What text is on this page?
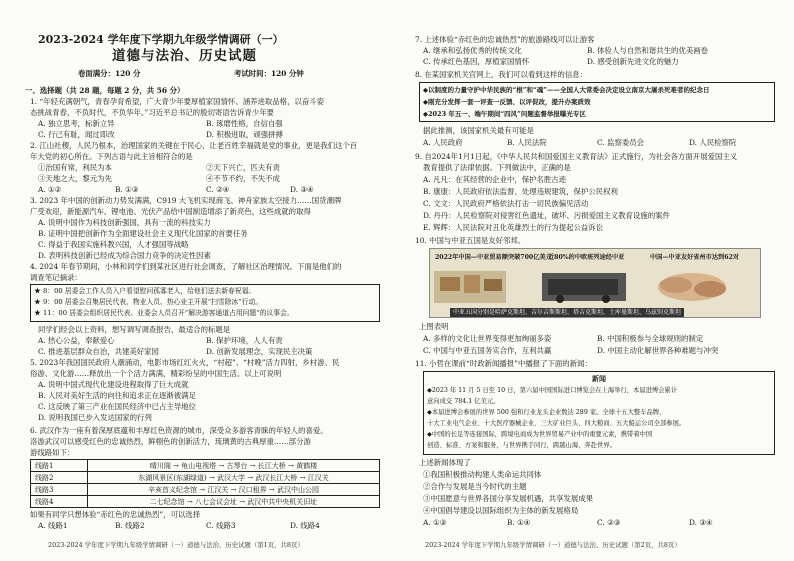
2023-2024 学年度下学期九年级学情调研（一）
道德与法治、历史试题
卷面满分：120 分	考试时间：120 分钟
一、选择题（共 28 题，每题 2 分，共 56 分）
1. “年轻充满朝气，青春孕育希望，广大青少年要厚植家国情怀、涵养进取品格，以奋斗姿
态挑战青春，不负时代，不负华年。”习近平总书记的殷切寄语告诉青少年要
A. 独立思考，标新立异	B. 琢磨性格，自信自强
C. 行己有耻，闻过即改	D. 积极进取，顽强拼搏
2. 江山社稷，人民乃根本，治理国家的关键在于民心，让老百姓幸福就是党的事业，更是我们这个百
年大党的初心所在。下列古语与此主旨相符合的是
①治国有常，利民为本	②天下兴亡，匹夫有责
③天地之大，黎元为先	④不节不约，不失不成
A. ①②	B. ①③	C. ②④	D. ③④
3. 2023 年中国的创新动力势发满满，C919 大飞机实现商飞、神舟家族太空接力……国货潮牌
广受欢迎，新能源汽车、锂电池、光伏产品给中国制造增添了新亮色，这些成就的取得
A. 说明中国作为科技创新强国，具有一流的科技实力
B. 证明中国把创新作为全面建设社会主义现代化国家的首要任务
C. 得益于我国实施科教兴国，人才强国等战略
D. 表明科技创新已经成为综合国力竞争的决定性因素
4. 2024 年春节期间，小林和同学们到某社区进行社会调查，了解社区治理情况。下面是他们的
调查笔记摘录：
★ 8：00 居委会工作人员入户看望慰问孤寡老人，给他们送去新春祝福。
★ 9：00 居委会召集居民代表、物业人员、热心业主开展“扫雪除冰”行动。
★ 11：00 居委会组织居民代表、业委会人员召开“解决游客通道占用问题”的议事会。
同学们经会以上资料，想写调写调查报告，最适合的标题是
A. 热心公益，奉献爱心	B. 保护环境，人人有责
C. 推进基层群众自治，共建美好家园	D. 创新发展理念，实现民主决策
5. 2023年我国国民政府人潮涌动，电影市场红红火火，“村超”、“村晚”活力四射，乡村游、民
俗游、文化游……释放出一个个活力满满，精彩纷呈的中国生活。以上可说明
A. 说明中国式现代化建设进程取得了巨大成就
B. 人民对美好生活的向往和追求正在逐渐被满足
C. 这反映了第三产业在国民经济中已占主导地位
D. 说明我国已步入发达国家的行列
6. 武汉作为一座有着深厚底蕴和丰厚红色资源的城市，深受众多游客青睐的年轻人的喜爱。
洛游武汉可以感受红色的忠诚热烈，鲜栩色的创新活力，琉璃黄的古典厚重……部分游
游线路如下：
线路1	晴川阁 → 龟山电视塔 → 古琴台 → 长江大桥 → 黄鹤楼
线路2	东湖风景区(东湖绿道) → 武汉大学 → 武汉长江大桥 → 江汉关
线路3	辛亥首义纪念馆 → 江汉关 → 汉口租界 → 武汉中山公园
线路4	二七纪念馆 → 八七会议会址 → 武汉中共中央机关旧址
如果有同学只想体验“赤红色的忠诚热烈”，可以选择
A. 线路1	B. 线路2	C. 线路3	D. 线路4
2023-2024 学年度下学期九年级学情调研（一）道德与法治、历史试题（第1页，共8页）
7. 上述体验“赤红色的忠诚热烈”的旅游路线可以让游客
A. 继承和弘扬优秀的传统文化	B. 体验人与自然和谐共生的优美画卷
C. 传承红色基因，厚植家国情怀	D. 感受创新先进文化的魅力
8. 在某国家机关官网上，我们可以看到这样的信息：
◆以制度的力量守护中华民族的“根”和“魂”——全国人大常委会决定设立南京大屠杀死难者的纪念日
◆刚充分发挥一套一评查一反馈、以评促改，提升办案质效
◆2023 年五一、端午期间“四风”问题监督举报曝光专区
据此推测，该国家机关最有可能是
A. 人民政府	B. 人民法院	C. 监察委员会	D. 人民检察院
9. 自2024年1月1日起，《中华人民共和国爱国主义教育法》正式施行，为社会各方面开展爱国主义
教育提供了法律依据。下列做法中，正确的是
A. 凡凡：在其经营的企业中，保护名胜古迹
B. 康康：人民政府依法监督、处理违规建筑，保护公民权利
C. 文文：人民政府严格依法打击一切民族偏见活动
D. 丹丹：人民检察院对侵害红色遗址，破坏、污损爱国主义教育设施的案件
E. 辉辉：人民法院对丑化英雄烈士的行为提起公益诉讼
10. 中国与中亚五国是友好邻邦。
2022年中国—中亚贸易额突破700亿美元
近80%的中欧班列途经中亚	中国—中亚友好省州市达到62对
中亚五国分别是哈萨克斯坦、吉尔吉斯斯坦、塔吉克斯坦、土库曼斯坦、乌兹别克斯坦
上图表明
A. 多样的文化让世界变得更加绚丽多姿	B. 中国积极参与全球规则的制定
C. 中国与中亚五国务实合作，互利共赢	D. 中国主动化解世界各种难题与冲突
11. 小哲在课前“时政新闻播报”中播报了下面的新闻：
新闻
◆2023 年 11 月 5 日至 10 日，第六届中国国际进口博览会在上海举行，本届进博会累计
意向成交 784.1 亿美元。
◆本届进博会参展的世界 500 强和行业龙头企业数达 289 家。全球十五大整车品牌、
十大工业电气企业、十大医疗器械企业、三大矿业巨头、四大粮商、五大船运公司全部参展。
◆中国的长足等连接国际，跨境电商成为世界贸易产业中的重要元素，携带着中国
创造、标准、方案和服务，与世界携手同行，跨越山海，奔赴世界。
上述新闻体现了
①我国积极推动构建人类命运共同体
②合作与发展是当今时代的主题
③中国愿意与世界各国分享发展机遇，共享发展成果
④中国倡导建设以国际组织为主体的新发展格局
A. ①③	B. ①④	C. ②③	D. ③④
2023-2024 学年度下学期九年级学情调研（一）道德与法治、历史试题（第2页，共8页）
